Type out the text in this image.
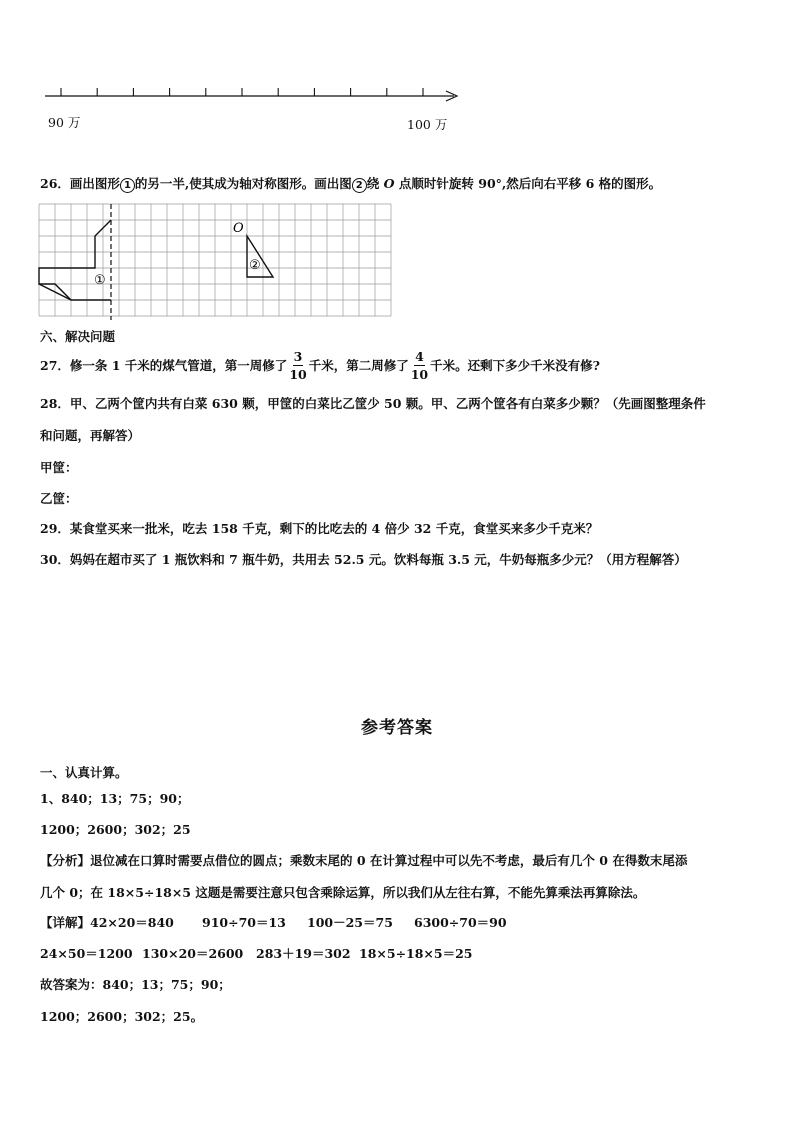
90 万	100 万
26．画出图形 1 的另一半,使其成为轴对称图形。画出图 2 绕 O 点顺时针旋转 90°,然后向右平移 6 格的图形。
①
②
O
六、解决问题
27． 修一条 1 千米的煤气管道，第一周修了 $\frac{3}{10}$ 千米，第二周修了 $\frac{4}{10}$ 千米。还剩下多少千米没有修?
28．甲、乙两个筐内共有白菜 630 颗，甲筐的白菜比乙筐少 50 颗。甲、乙两个筐各有白菜多少颗？（先画图整理条件
和问题，再解答）
甲筐：
乙筐：
29．某食堂买来一批米，吃去 158 千克，剩下的比吃去的 4 倍少 32 千克，食堂买来多少千克米？
30．妈妈在超市买了 1 瓶饮料和 7 瓶牛奶，共用去 52.5 元。饮料每瓶 3.5 元，牛奶每瓶多少元？（用方程解答）
参考答案
一、认真计算。
1、840；13；75；90；
1200；2600；302；25
【分析】退位减在口算时需要点借位的圆点；乘数末尾的 0 在计算过程中可以先不考虑，最后有几个 0 在得数末尾添
几个 0；在 18×5÷18×5 这题是需要注意只包含乘除运算，所以我们从左往右算，不能先算乘法再算除法。
【详解】42×20＝840 910÷70＝13 100－25＝75 6300÷70＝90
24×50＝1200 130×20＝2600 283＋19＝302 18×5÷18×5＝25
故答案为：840；13；75；90；
1200；2600；302；25。
